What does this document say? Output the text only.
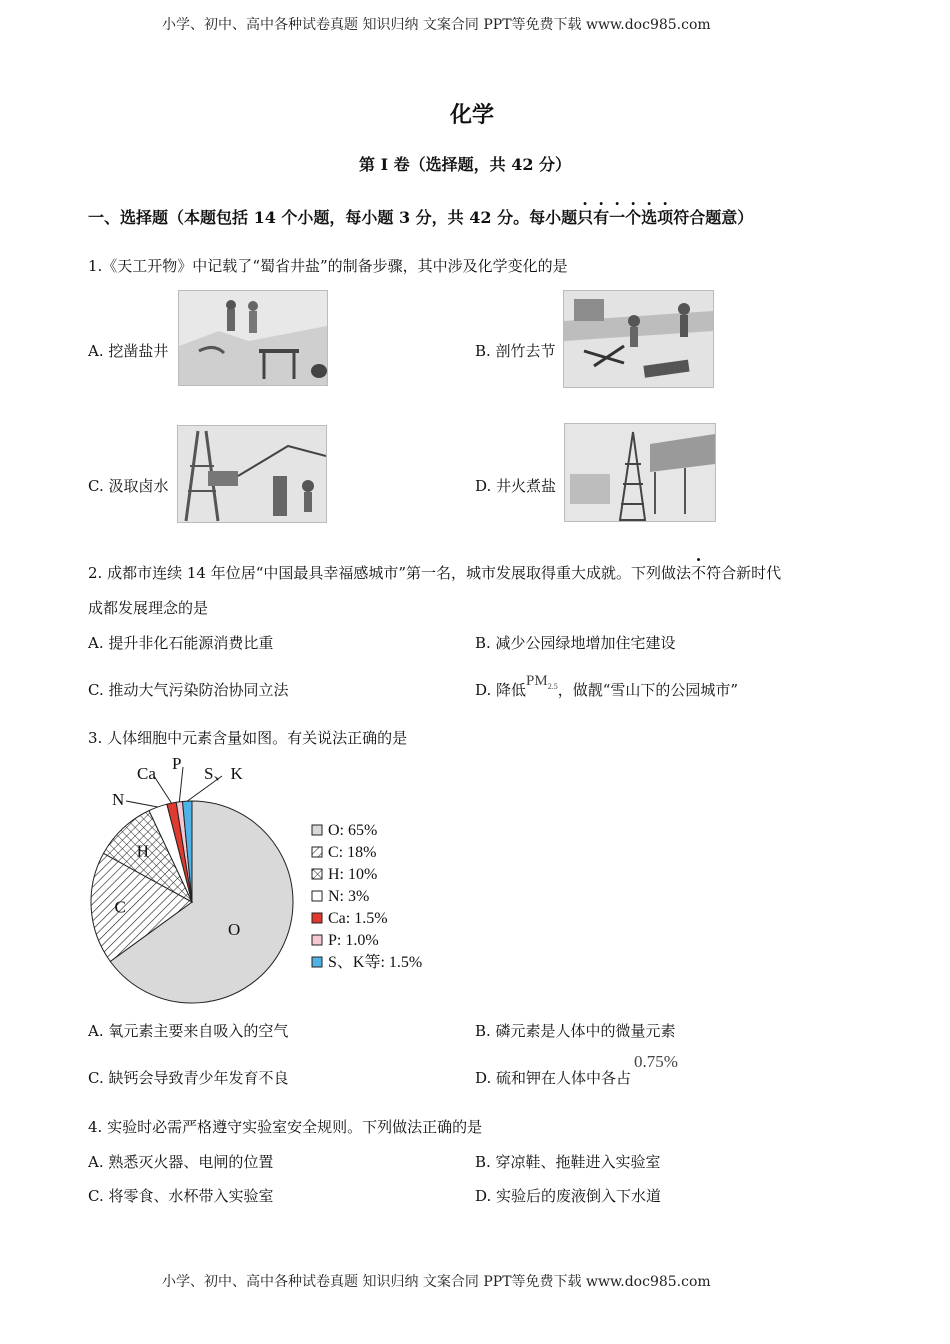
小学、初中、高中各种试卷真题 知识归纳 文案合同 PPT等免费下载 www.doc985.com
化学
第 I 卷（选择题，共 42 分）
一、选择题（本题包括 14 个小题，每小题 3 分，共 42 分。每小题只有一个选项符合题意）
1.《天工开物》中记载了“蜀省井盐”的制备步骤，其中涉及化学变化的是
A. 挖凿盐井	B. 剖竹去节
C. 汲取卤水	D. 井火煮盐
2. 成都市连续 14 年位居“中国最具幸福感城市”第一名，城市发展取得重大成就。下列做法不符合新时代
成都发展理念的是
A. 提升非化石能源消费比重	B. 减少公园绿地增加住宅建设
C. 推动大气污染防治协同立法	D. 降低$PM_{2.5}$，做靓“雪山下的公园城市”
3. 人体细胞中元素含量如图。有关说法正确的是
O
C
H
N
Ca
P
S、K
O: 65%
C: 18%
H: 10%
N: 3%
Ca: 1.5%
P: 1.0%
S、K等: 1.5%
A. 氧元素主要来自吸入的空气	B. 磷元素是人体中的微量元素
C. 缺钙会导致青少年发育不良	D. 硫和钾在人体中各占0.75%
4. 实验时必需严格遵守实验室安全规则。下列做法正确的是
A. 熟悉灭火器、电闸的位置	B. 穿凉鞋、拖鞋进入实验室
C. 将零食、水杯带入实验室	D. 实验后的废液倒入下水道
小学、初中、高中各种试卷真题 知识归纳 文案合同 PPT等免费下载 www.doc985.com
